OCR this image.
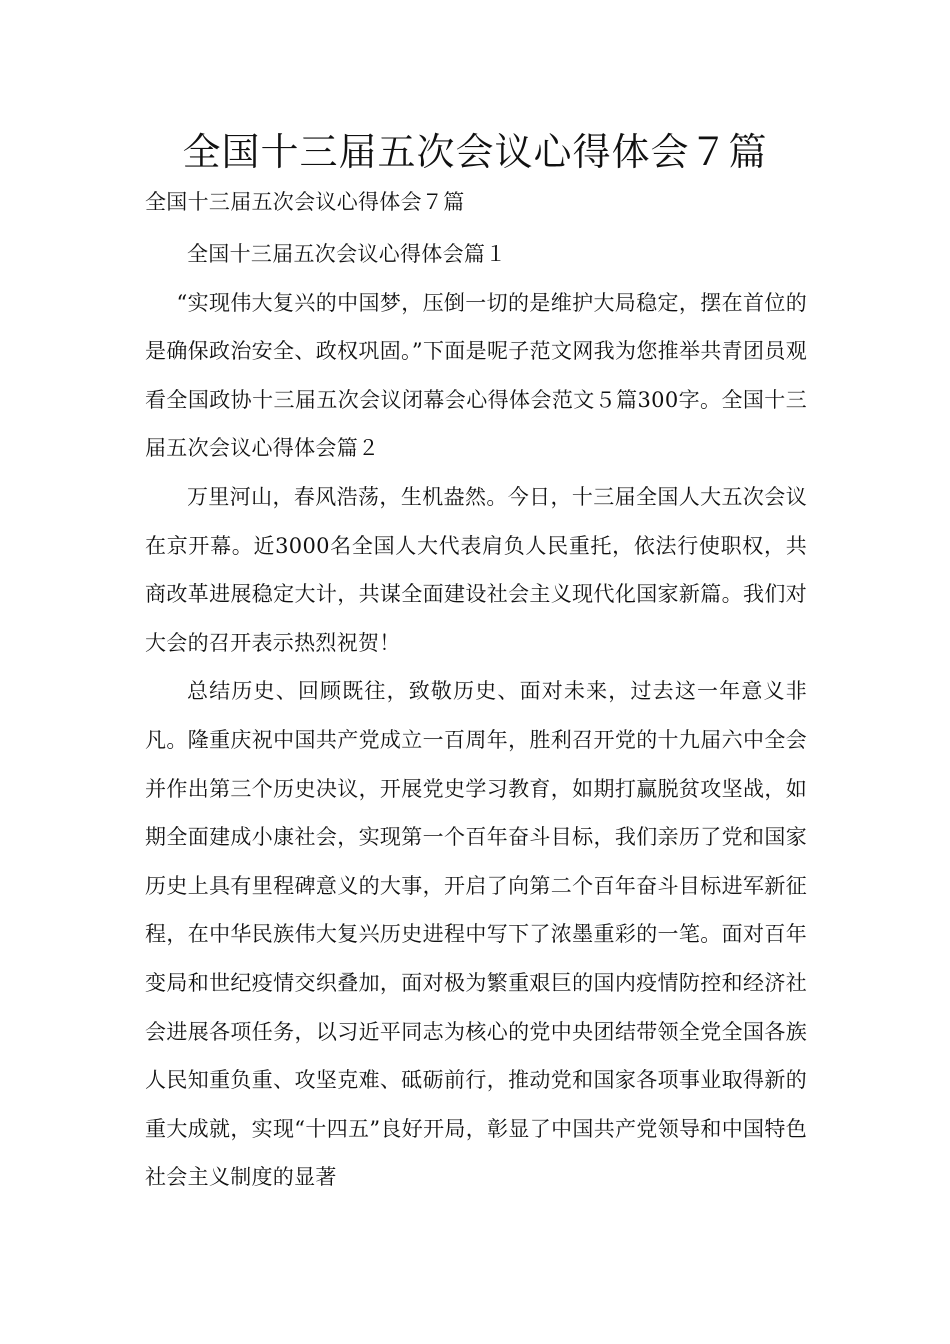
全国十三届五次会议心得体会７篇

全国十三届五次会议心得体会７篇

全国十三届五次会议心得体会篇１

“实现伟大复兴的中国梦，压倒一切的是维护大局稳定，摆在首位的是确保政治安全、政权巩固。”下面是呢子范文网我为您推举共青团员观看全国政协十三届五次会议闭幕会心得体会范文５篇300字。全国十三届五次会议心得体会篇２

万里河山，春风浩荡，生机盎然。今日，十三届全国人大五次会议在京开幕。近3000名全国人大代表肩负人民重托，依法行使职权，共商改革进展稳定大计，共谋全面建设社会主义现代化国家新篇。我们对大会的召开表示热烈祝贺！

总结历史、回顾既往，致敬历史、面对未来，过去这一年意义非凡。隆重庆祝中国共产党成立一百周年，胜利召开党的十九届六中全会并作出第三个历史决议，开展党史学习教育，如期打赢脱贫攻坚战，如期全面建成小康社会，实现第一个百年奋斗目标，我们亲历了党和国家历史上具有里程碑意义的大事，开启了向第二个百年奋斗目标进军新征程，在中华民族伟大复兴历史进程中写下了浓墨重彩的一笔。面对百年变局和世纪疫情交织叠加，面对极为繁重艰巨的国内疫情防控和经济社会进展各项任务，以习近平同志为核心的党中央团结带领全党全国各族人民知重负重、攻坚克难、砥砺前行，推动党和国家各项事业取得新的重大成就，实现“十四五”良好开局，彰显了中国共产党领导和中国特色社会主义制度的显著
